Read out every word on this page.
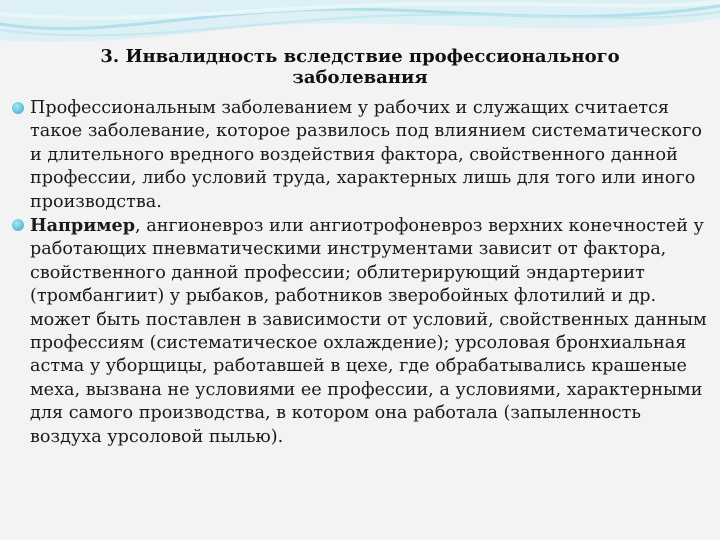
3. Инвалидность вследствие профессионального
заболевания
Профессиональным заболеванием у рабочих и служащих считается такое заболевание, которое развилось под влиянием систематического и длительного вредного воздействия фактора, свойственного данной профессии, либо условий труда, характерных лишь для того или иного производства.
Например, ангионевроз или ангиотрофоневроз верхних конечностей у работающих пневматическими инструментами зависит от фактора, свойственного данной профессии; облитерирующий эндартериит (тромбангиит) у рыбаков, работников зверобойных флотилий и др. может быть поставлен в зависимости от условий, свойственных данным профессиям (систематическое охлаждение); урсоловая бронхиальная астма у уборщицы, работавшей в цехе, где обрабатывались крашеные меха, вызвана не условиями ее профессии, а условиями, характерными для самого производства, в котором она работала (запыленность воздуха урсоловой пылью).
